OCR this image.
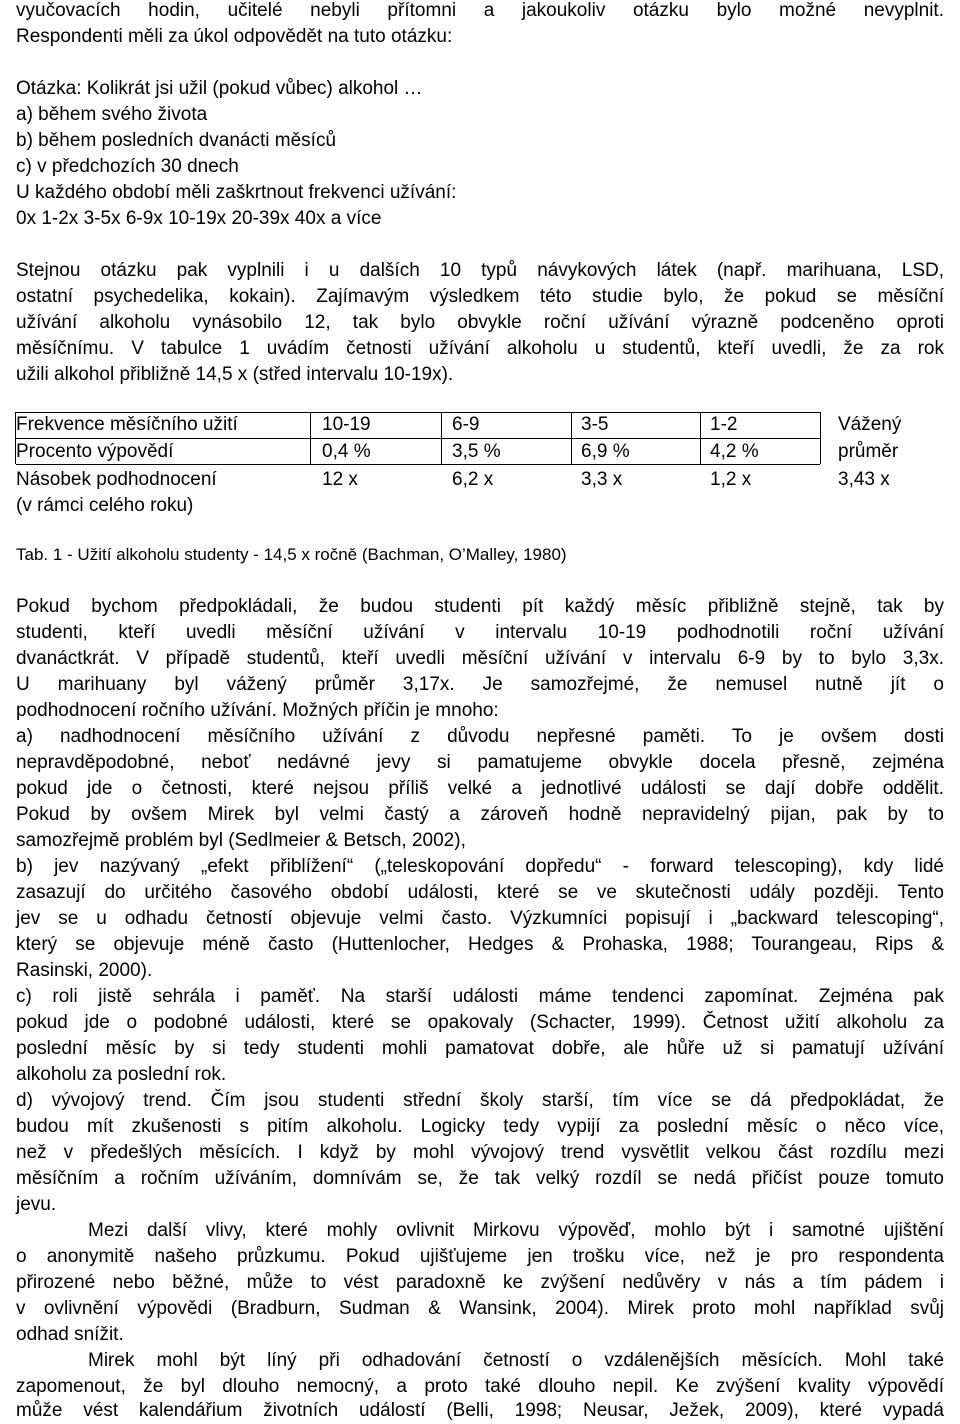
vyučovacích hodin, učitelé nebyli přítomni a jakoukoliv otázku bylo možné nevyplnit.
Respondenti měli za úkol odpovědět na tuto otázku:
Otázka: Kolikrát jsi užil (pokud vůbec) alkohol …
a) během svého života
b) během posledních dvanácti měsíců
c) v předchozích 30 dnech
U každého období měli zaškrtnout frekvenci užívání:
0x 1-2x 3-5x 6-9x 10-19x 20-39x 40x a více
Stejnou otázku pak vyplnili i u dalších 10 typů návykových látek (např. marihuana, LSD,
ostatní psychedelika, kokain). Zajímavým výsledkem této studie bylo, že pokud se měsíční
užívání alkoholu vynásobilo 12, tak bylo obvykle roční užívání výrazně podceněno oproti
měsíčnímu. V tabulce 1 uvádím četnosti užívání alkoholu u studentů, kteří uvedli, že za rok
užili alkohol přibližně 14,5 x (střed intervalu 10-19x).
Frekvence měsíčního užití	10-19	6-9	3-5	1-2	Vážený
Procento výpovědí	0,4 %	3,5 %	6,9 %	4,2 %	průměr
Násobek podhodnocení
(v rámci celého roku)
12 x	6,2 x	3,3 x	1,2 x	3,43 x
Tab. 1 - Užití alkoholu studenty - 14,5 x ročně (Bachman, O’Malley, 1980)
Pokud bychom předpokládali, že budou studenti pít každý měsíc přibližně stejně, tak by
studenti, kteří uvedli měsíční užívání v intervalu 10-19 podhodnotili roční užívání
dvanáctkrát. V případě studentů, kteří uvedli měsíční užívání v intervalu 6-9 by to bylo 3,3x.
U marihuany byl vážený průměr 3,17x. Je samozřejmé, že nemusel nutně jít o
podhodnocení ročního užívání. Možných příčin je mnoho:
a) nadhodnocení měsíčního užívání z důvodu nepřesné paměti. To je ovšem dosti
nepravděpodobné, neboť nedávné jevy si pamatujeme obvykle docela přesně, zejména
pokud jde o četnosti, které nejsou příliš velké a jednotlivé události se dají dobře oddělit.
Pokud by ovšem Mirek byl velmi častý a zároveň hodně nepravidelný pijan, pak by to
samozřejmě problém byl (Sedlmeier & Betsch, 2002),
b) jev nazývaný „efekt přiblížení“ („teleskopování dopředu“ - forward telescoping), kdy lidé
zasazují do určitého časového období události, které se ve skutečnosti udály později. Tento
jev se u odhadu četností objevuje velmi často. Výzkumníci popisují i „backward telescoping“,
který se objevuje méně často (Huttenlocher, Hedges & Prohaska, 1988; Tourangeau, Rips &
Rasinski, 2000).
c) roli jistě sehrála i paměť. Na starší události máme tendenci zapomínat. Zejména pak
pokud jde o podobné události, které se opakovaly (Schacter, 1999). Četnost užití alkoholu za
poslední měsíc by si tedy studenti mohli pamatovat dobře, ale hůře už si pamatují užívání
alkoholu za poslední rok.
d) vývojový trend. Čím jsou studenti střední školy starší, tím více se dá předpokládat, že
budou mít zkušenosti s pitím alkoholu. Logicky tedy vypijí za poslední měsíc o něco více,
než v předešlých měsících. I když by mohl vývojový trend vysvětlit velkou část rozdílu mezi
měsíčním a ročním užíváním, domnívám se, že tak velký rozdíl se nedá přičíst pouze tomuto
jevu.
Mezi další vlivy, které mohly ovlivnit Mirkovu výpověď, mohlo být i samotné ujištění
o anonymitě našeho průzkumu. Pokud ujišťujeme jen trošku více, než je pro respondenta
přirozené nebo běžné, může to vést paradoxně ke zvýšení nedůvěry v nás a tím pádem i
v ovlivnění výpovědi (Bradburn, Sudman & Wansink, 2004). Mirek proto mohl například svůj
odhad snížit.
Mirek mohl být líný při odhadování četností o vzdálenějších měsících. Mohl také
zapomenout, že byl dlouho nemocný, a proto také dlouho nepil. Ke zvýšení kvality výpovědí
může vést kalendářium životních událostí (Belli, 1998; Neusar, Ježek, 2009), které vypadá
